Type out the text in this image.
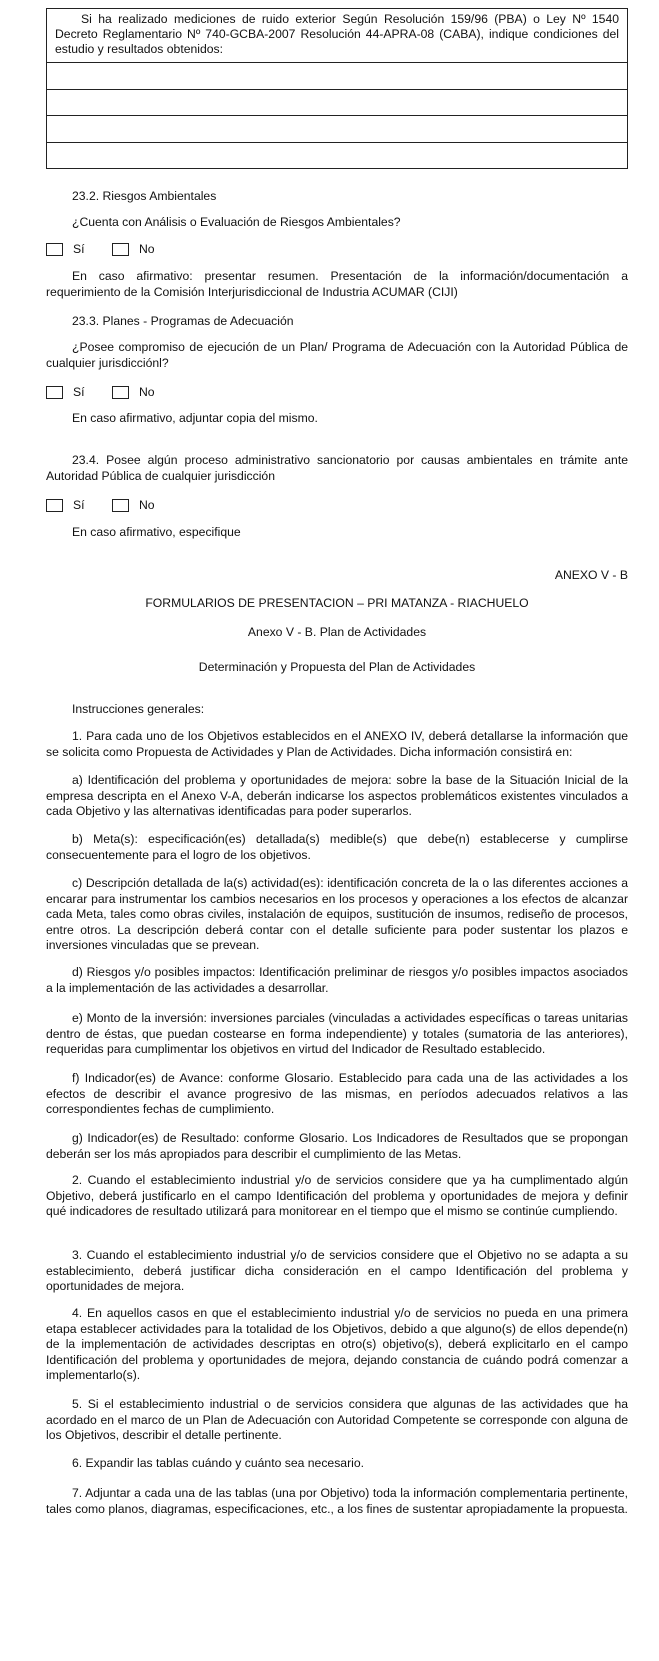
Si ha realizado mediciones de ruido exterior Según Resolución 159/96 (PBA) o Ley Nº 1540 Decreto Reglamentario Nº 740-GCBA-2007 Resolución 44-APRA-08 (CABA), indique condiciones del estudio y resultados obtenidos:
23.2. Riesgos Ambientales
¿Cuenta con Análisis o Evaluación de Riesgos Ambientales?
Sí	No
En caso afirmativo: presentar resumen. Presentación de la información/documentación a requerimiento de la Comisión Interjurisdiccional de Industria ACUMAR (CIJI)
23.3. Planes - Programas de Adecuación
¿Posee compromiso de ejecución de un Plan/ Programa de Adecuación con la Autoridad Pública de cualquier jurisdicciónl?
Sí	No
En caso afirmativo, adjuntar copia del mismo.
23.4. Posee algún proceso administrativo sancionatorio por causas ambientales en trámite ante Autoridad Pública de cualquier jurisdicción
Sí	No
En caso afirmativo, especifique
ANEXO V - B
FORMULARIOS DE PRESENTACION – PRI MATANZA - RIACHUELO
Anexo V - B. Plan de Actividades
Determinación y Propuesta del Plan de Actividades
Instrucciones generales:
1. Para cada uno de los Objetivos establecidos en el ANEXO IV, deberá detallarse la información que se solicita como Propuesta de Actividades y Plan de Actividades. Dicha información consistirá en:
a) Identificación del problema y oportunidades de mejora: sobre la base de la Situación Inicial de la empresa descripta en el Anexo V-A, deberán indicarse los aspectos problemáticos existentes vinculados a cada Objetivo y las alternativas identificadas para poder superarlos.
b) Meta(s): especificación(es) detallada(s) medible(s) que debe(n) establecerse y cumplirse consecuentemente para el logro de los objetivos.
c) Descripción detallada de la(s) actividad(es): identificación concreta de la o las diferentes acciones a encarar para instrumentar los cambios necesarios en los procesos y operaciones a los efectos de alcanzar cada Meta, tales como obras civiles, instalación de equipos, sustitución de insumos, rediseño de procesos, entre otros. La descripción deberá contar con el detalle suficiente para poder sustentar los plazos e inversiones vinculadas que se prevean.
d) Riesgos y/o posibles impactos: Identificación preliminar de riesgos y/o posibles impactos asociados a la implementación de las actividades a desarrollar.
e) Monto de la inversión: inversiones parciales (vinculadas a actividades específicas o tareas unitarias dentro de éstas, que puedan costearse en forma independiente) y totales (sumatoria de las anteriores), requeridas para cumplimentar los objetivos en virtud del Indicador de Resultado establecido.
f) Indicador(es) de Avance: conforme Glosario. Establecido para cada una de las actividades a los efectos de describir el avance progresivo de las mismas, en períodos adecuados relativos a las correspondientes fechas de cumplimiento.
g) Indicador(es) de Resultado: conforme Glosario. Los Indicadores de Resultados que se propongan deberán ser los más apropiados para describir el cumplimiento de las Metas.
2. Cuando el establecimiento industrial y/o de servicios considere que ya ha cumplimentado algún Objetivo, deberá justificarlo en el campo Identificación del problema y oportunidades de mejora y definir qué indicadores de resultado utilizará para monitorear en el tiempo que el mismo se continúe cumpliendo.
3. Cuando el establecimiento industrial y/o de servicios considere que el Objetivo no se adapta a su establecimiento, deberá justificar dicha consideración en el campo Identificación del problema y oportunidades de mejora.
4. En aquellos casos en que el establecimiento industrial y/o de servicios no pueda en una primera etapa establecer actividades para la totalidad de los Objetivos, debido a que alguno(s) de ellos depende(n) de la implementación de actividades descriptas en otro(s) objetivo(s), deberá explicitarlo en el campo Identificación del problema y oportunidades de mejora, dejando constancia de cuándo podrá comenzar a implementarlo(s).
5. Si el establecimiento industrial o de servicios considera que algunas de las actividades que ha acordado en el marco de un Plan de Adecuación con Autoridad Competente se corresponde con alguna de los Objetivos, describir el detalle pertinente.
6. Expandir las tablas cuándo y cuánto sea necesario.
7. Adjuntar a cada una de las tablas (una por Objetivo) toda la información complementaria pertinente, tales como planos, diagramas, especificaciones, etc., a los fines de sustentar apropiadamente la propuesta.
